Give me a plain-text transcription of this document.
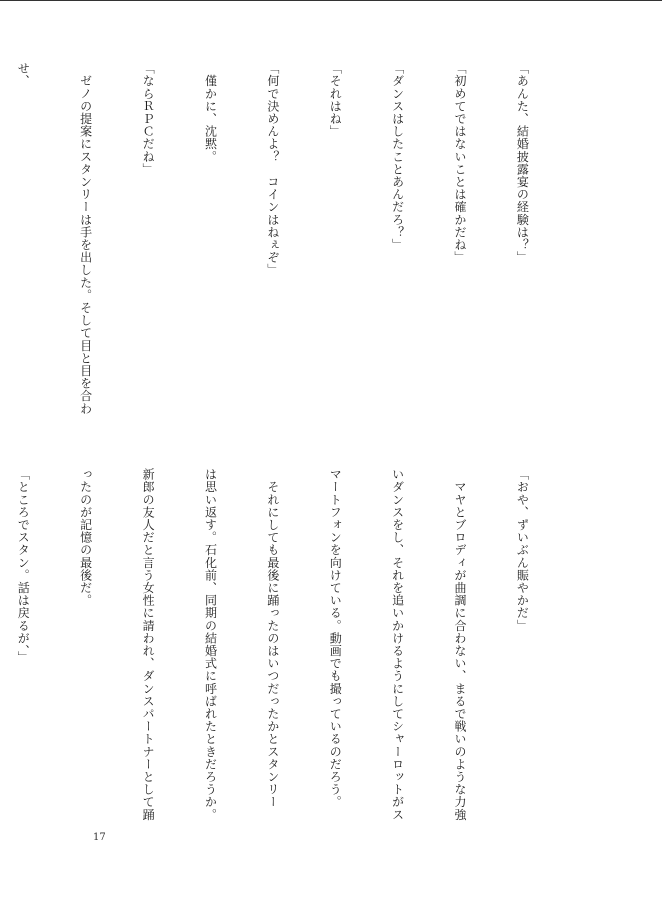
「あんた、結婚披露宴の経験は？」

「初めてではないことは確かだね」

「ダンスはしたことあんだろ？」

「それはね」

「何で決めんよ？　コインはねぇぞ」

　僅かに、沈黙。

「ならＲＰＣだね」

　ゼノの提案にスタンリーは手を出した。そして目と目を合わ

せ、

「おや、ずいぶん賑やかだ」

　マヤとブロディが曲調に合わない、まるで戦いのような力強

いダンスをし、それを追いかけるようにしてシャーロットがス

マートフォンを向けている。動画でも撮っているのだろう。

　それにしても最後に踊ったのはいつだったかとスタンリー

は思い返す。石化前、同期の結婚式に呼ばれたときだろうか。

新郎の友人だと言う女性に請われ、ダンスパートナーとして踊

ったのが記憶の最後だ。

「ところでスタン。話は戻るが、」

17
